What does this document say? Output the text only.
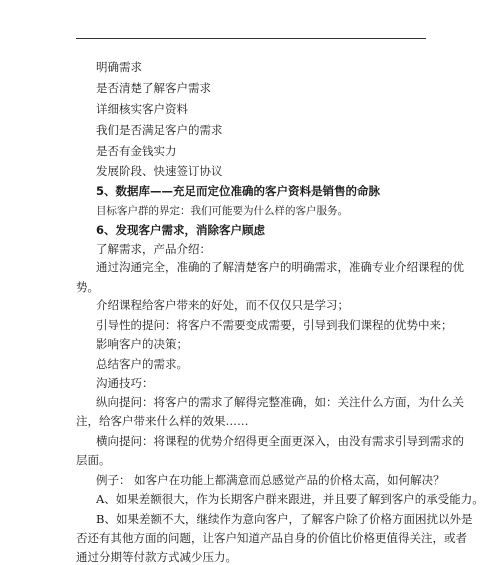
明确需求
是否清楚了解客户需求
详细核实客户资料
我们是否满足客户的需求
是否有金钱实力
发展阶段、快速签订协议
5、数据库——充足而定位准确的客户资料是销售的命脉
目标客户群的界定：我们可能要为什么样的客户服务。
6、发现客户需求，消除客户顾虑
了解需求，产品介绍：
通过沟通完全，准确的了解清楚客户的明确需求，准确专业介绍课程的优
势。
介绍课程给客户带来的好处，而不仅仅只是学习；
引导性的提问：将客户不需要变成需要，引导到我们课程的优势中来；
影响客户的决策；
总结客户的需求。
沟通技巧：
纵向提问：将客户的需求了解得完整准确，如：关注什么方面，为什么关
注，给客户带来什么样的效果……
横向提问：将课程的优势介绍得更全面更深入，由没有需求引导到需求的
层面。
例子： 如客户在功能上都满意而总感觉产品的价格太高，如何解决？
A、如果差额很大，作为长期客户群来跟进，并且要了解到客户的承受能力。
B、如果差额不大，继续作为意向客户，了解客户除了价格方面困扰以外是
否还有其他方面的问题，让客户知道产品自身的价值比价格更值得关注，或者
通过分期等付款方式减少压力。
